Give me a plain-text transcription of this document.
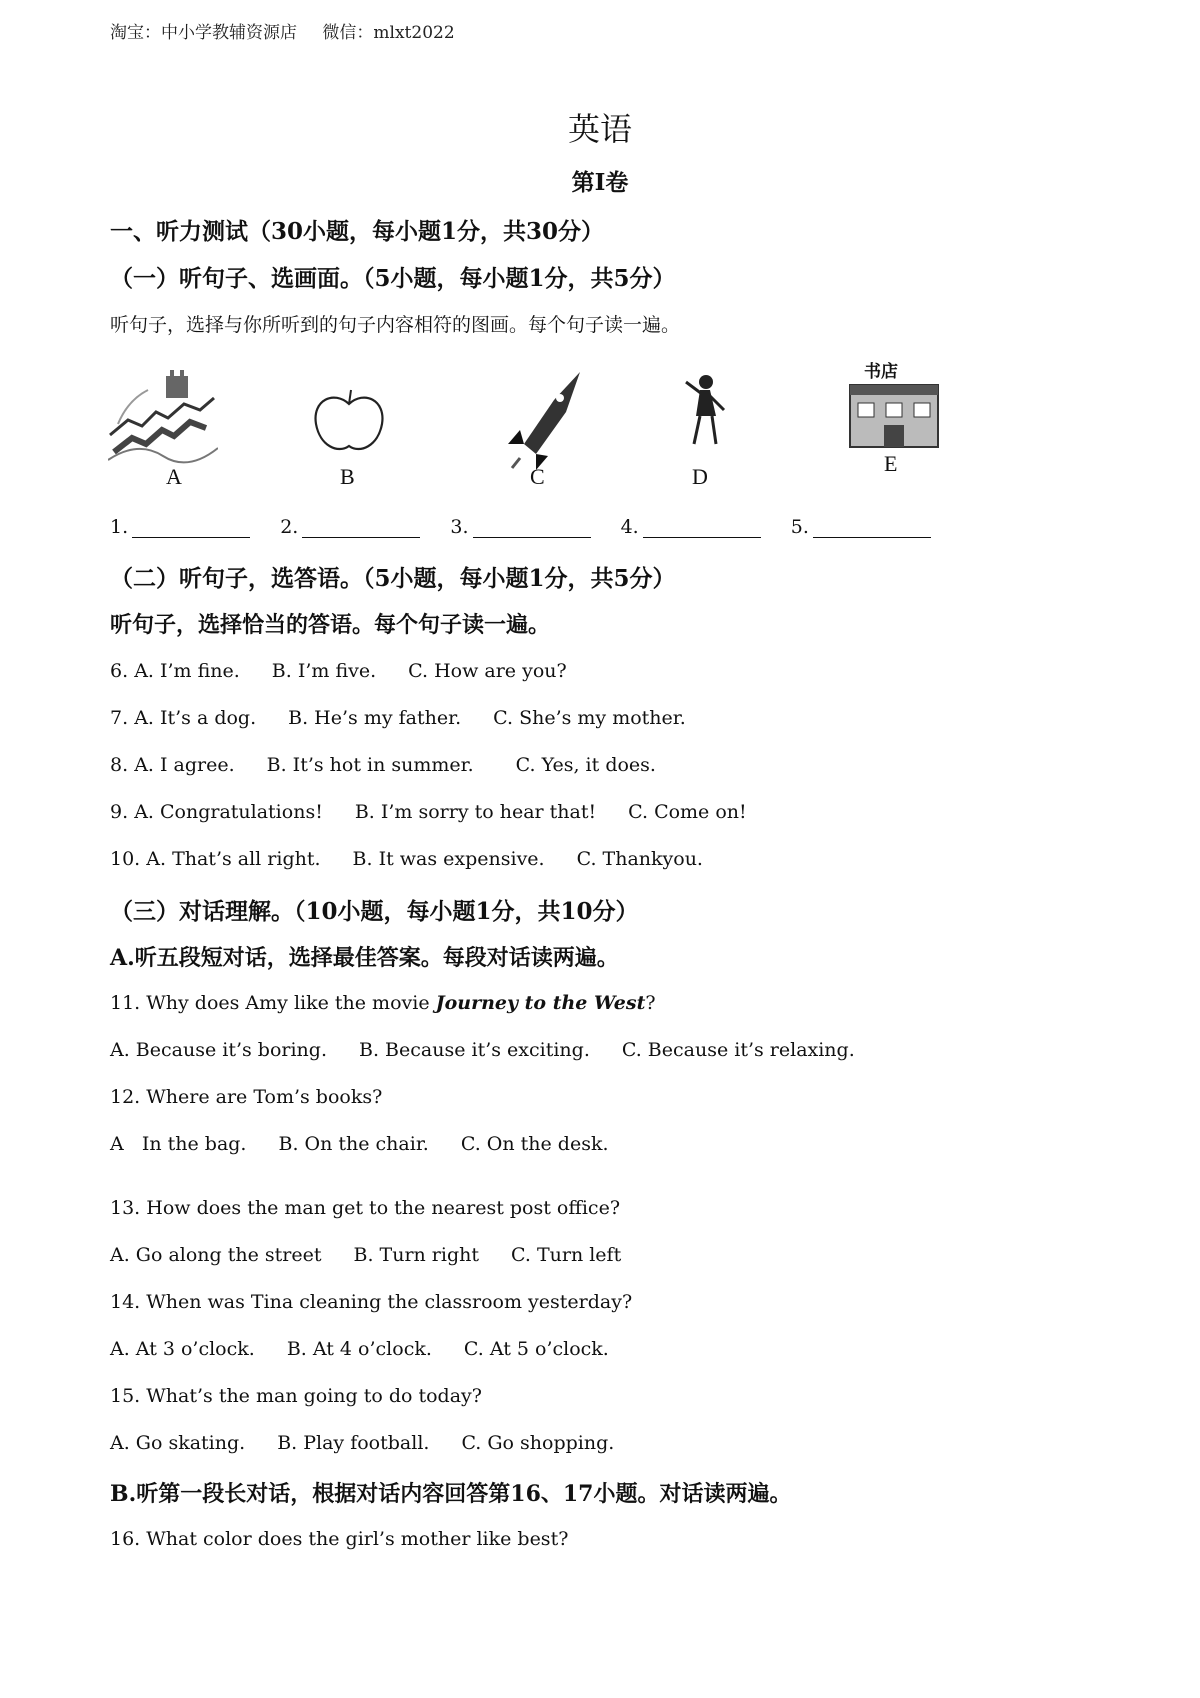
淘宝：中小学教辅资源店 微信：mlxt2022
英语
第Ⅰ卷
一、听力测试（30小题，每小题1分，共30分）
（一）听句子、选画面。（5小题，每小题1分，共5分）
听句子，选择与你所听到的句子内容相符的图画。每个句子读一遍。
A	B	C	D
书店
E
1.	2.	3.	4.	5.
（二）听句子，选答语。（5小题，每小题1分，共5分）
听句子，选择恰当的答语。每个句子读一遍。
6. A. I’m fine. B. I’m five. C. How are you?
7. A. It’s a dog. B. He’s my father. C. She’s my mother.
8. A. I agree. B. It’s hot in summer. C. Yes, it does.
9. A. Congratulations! B. I’m sorry to hear that! C. Come on!
10. A. That’s all right. B. It was expensive. C. Thankyou.
（三）对话理解。（10小题，每小题1分，共10分）
A.听五段短对话，选择最佳答案。每段对话读两遍。
11. Why does Amy like the movie Journey to the West?
A. Because it’s boring. B. Because it’s exciting. C. Because it’s relaxing.
12. Where are Tom’s books?
A   In the bag. B. On the chair. C. On the desk.
13. How does the man get to the nearest post office?
A. Go along the street B. Turn right C. Turn left
14. When was Tina cleaning the classroom yesterday?
A. At 3 o’clock. B. At 4 o’clock. C. At 5 o’clock.
15. What’s the man going to do today?
A. Go skating. B. Play football. C. Go shopping.
B.听第一段长对话，根据对话内容回答第16、17小题。对话读两遍。
16. What color does the girl’s mother like best?
